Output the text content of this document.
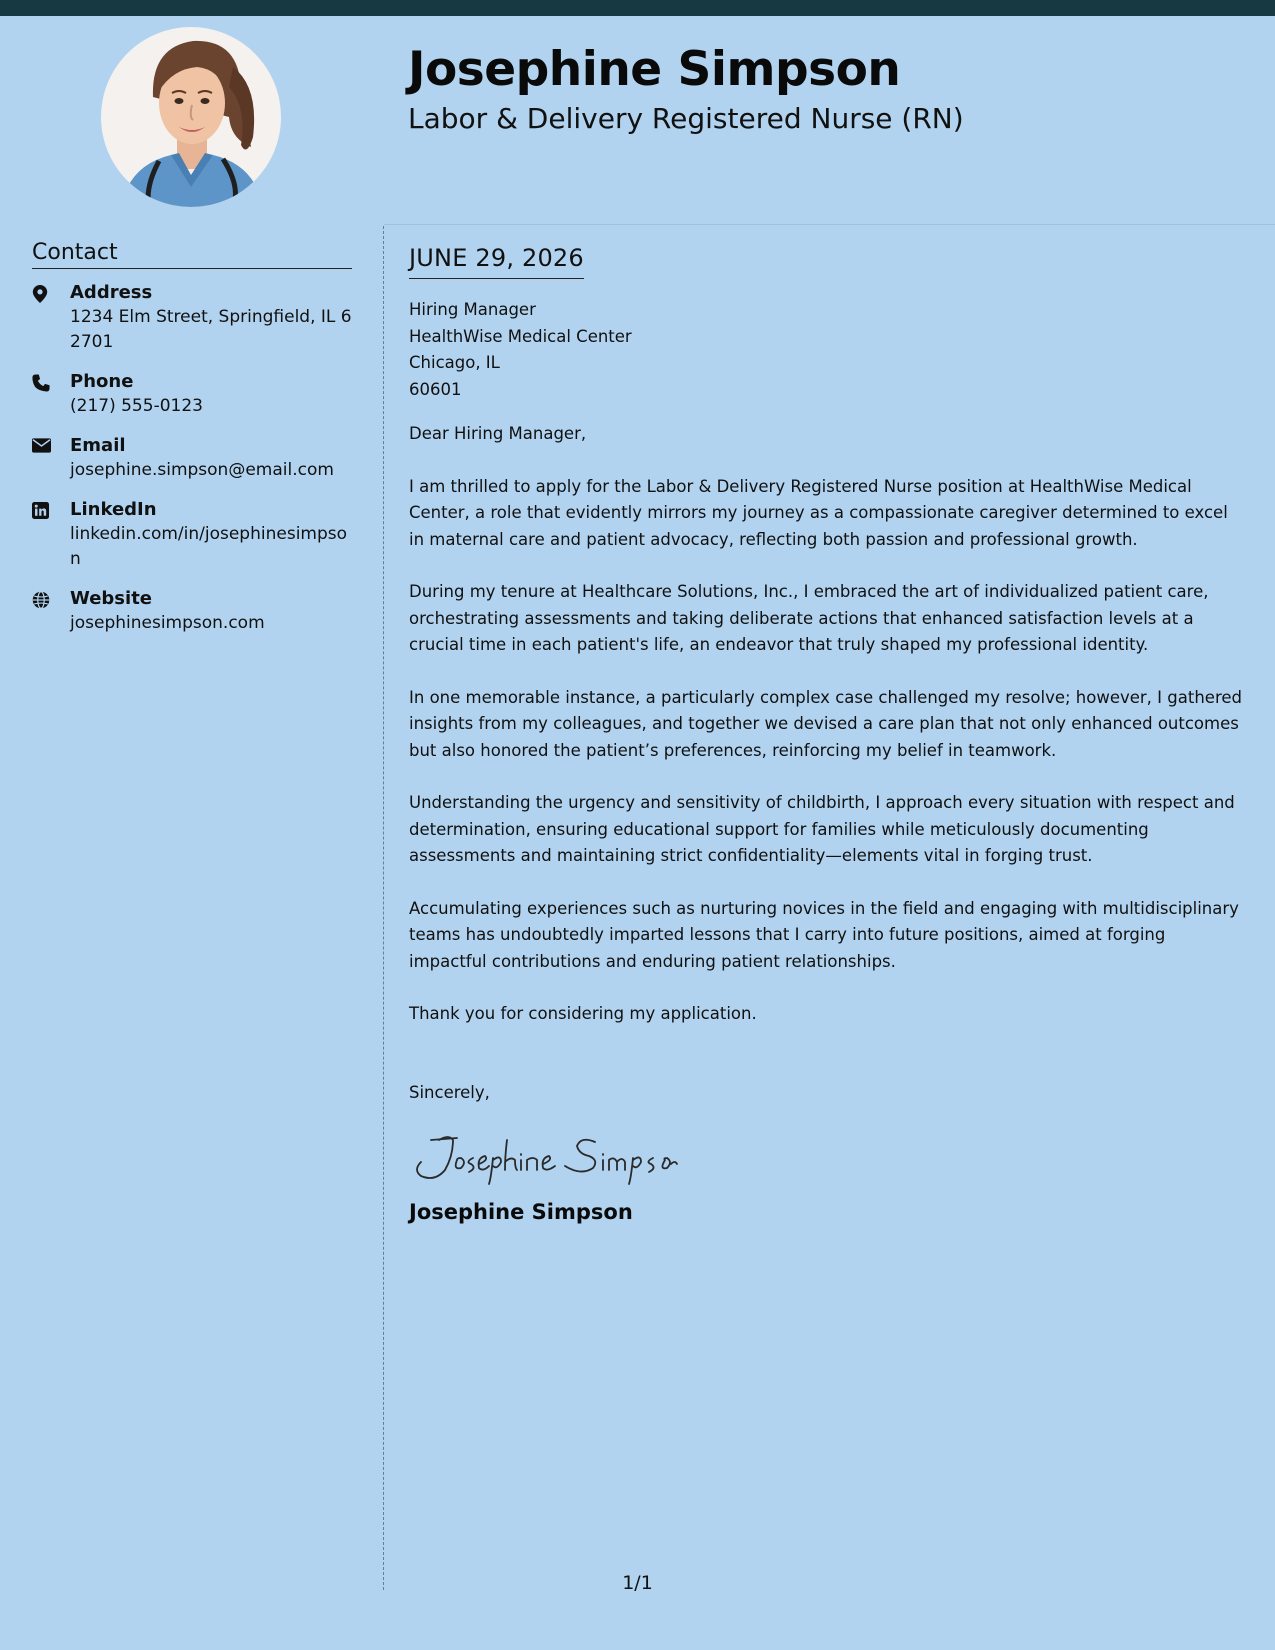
Josephine Simpson
Labor & Delivery Registered Nurse (RN)
Contact
Address
1234 Elm Street, Springfield, IL 62701
Phone
(217) 555-0123
Email
josephine.simpson@email.com
LinkedIn
linkedin.com/in/josephinesimpson
Website
josephinesimpson.com
JUNE 29, 2026
Hiring Manager
HealthWise Medical Center
Chicago, IL
60601
Dear Hiring Manager,

I am thrilled to apply for the Labor & Delivery Registered Nurse position at HealthWise Medical Center, a role that evidently mirrors my journey as a compassionate caregiver determined to excel in maternal care and patient advocacy, reflecting both passion and professional growth.

During my tenure at Healthcare Solutions, Inc., I embraced the art of individualized patient care, orchestrating assessments and taking deliberate actions that enhanced satisfaction levels at a crucial time in each patient's life, an endeavor that truly shaped my professional identity.

In one memorable instance, a particularly complex case challenged my resolve; however, I gathered insights from my colleagues, and together we devised a care plan that not only enhanced outcomes but also honored the patient’s preferences, reinforcing my belief in teamwork.

Understanding the urgency and sensitivity of childbirth, I approach every situation with respect and determination, ensuring educational support for families while meticulously documenting assessments and maintaining strict confidentiality—elements vital in forging trust.

Accumulating experiences such as nurturing novices in the field and engaging with multidisciplinary teams has undoubtedly imparted lessons that I carry into future positions, aimed at forging impactful contributions and enduring patient relationships.

Thank you for considering my application.

Sincerely,
Josephine Simpson
1/1
